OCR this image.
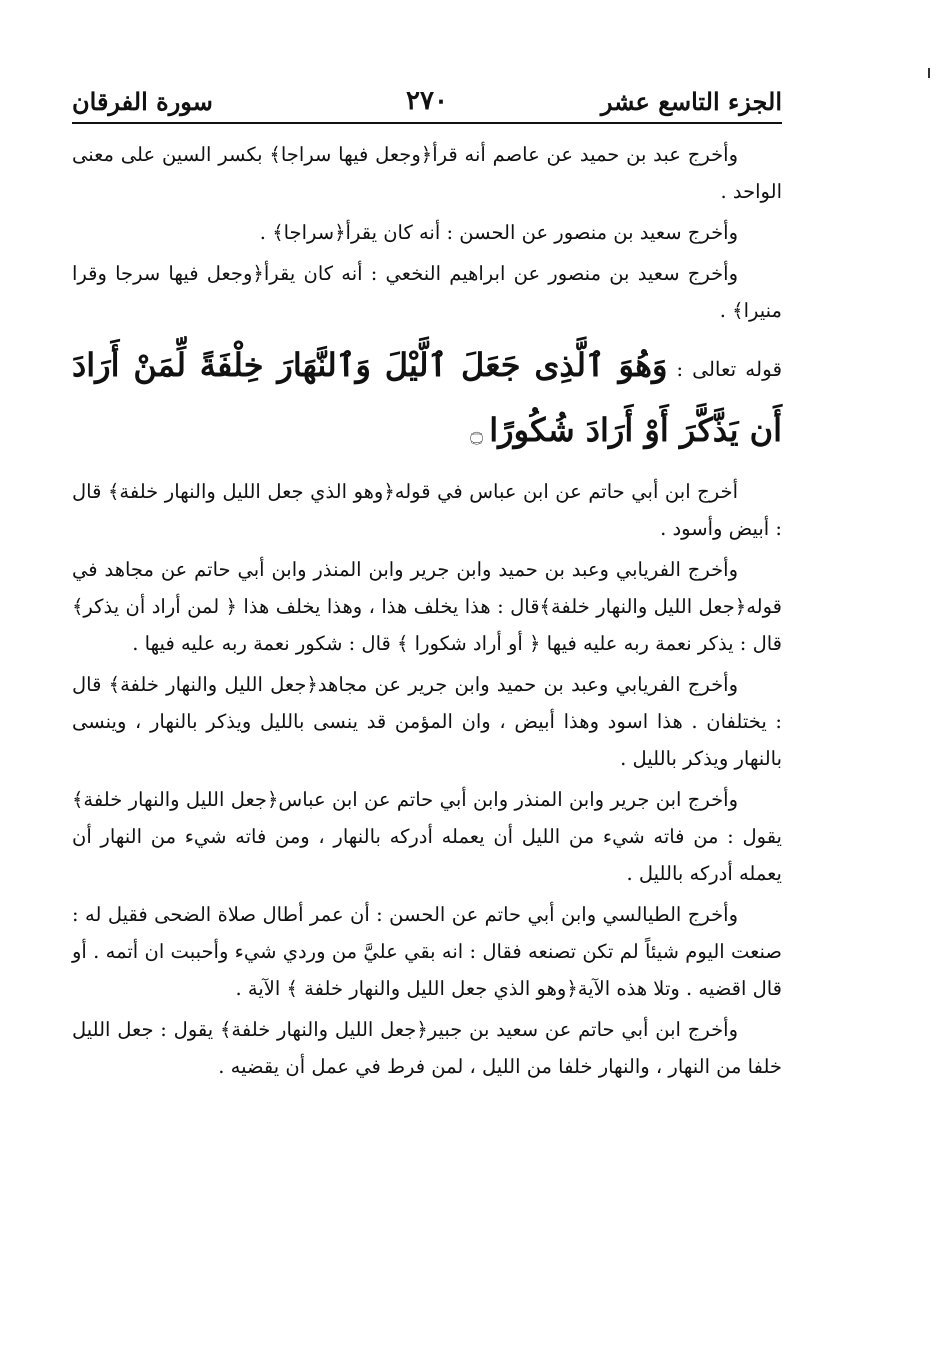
الجزء التاسع عشر
٢٧٠
سورة الفرقان

وأخرج عبد بن حميد عن عاصم أنه قرأ﴿وجعل فيها سراجا﴾ بكسر السين على معنى الواحد .

وأخرج سعيد بن منصور عن الحسن : أنه كان يقرأ﴿سراجا﴾ .

وأخرج سعيد بن منصور عن ابراهيم النخعي : أنه كان يقرأ﴿وجعل فيها سرجا وقرا منيرا﴾ .

قوله تعالى : وَهُوَ ٱلَّذِى جَعَلَ ٱلَّيْلَ وَٱلنَّهَارَ خِلْفَةً لِّمَنْ أَرَادَ أَن يَذَّكَّرَ أَوْ أَرَادَ شُكُورًا ۝

أخرج ابن أبي حاتم عن ابن عباس في قوله﴿وهو الذي جعل الليل والنهار خلفة﴾ قال : أبيض وأسود .

وأخرج الفريابي وعبد بن حميد وابن جرير وابن المنذر وابن أبي حاتم عن مجاهد في قوله﴿جعل الليل والنهار خلفة﴾قال : هذا يخلف هذا ، وهذا يخلف هذا ﴿ لمن أراد أن يذكر﴾ قال : يذكر نعمة ربه عليه فيها ﴿ أو أراد شكورا ﴾ قال : شكور نعمة ربه عليه فيها .

وأخرج الفريابي وعبد بن حميد وابن جرير عن مجاهد﴿جعل الليل والنهار خلفة﴾ قال : يختلفان . هذا اسود وهذا أبيض ، وان المؤمن قد ينسى بالليل ويذكر بالنهار ، وينسى بالنهار ويذكر بالليل .

وأخرج ابن جرير وابن المنذر وابن أبي حاتم عن ابن عباس﴿جعل الليل والنهار خلفة﴾ يقول : من فاته شيء من الليل أن يعمله أدركه بالنهار ، ومن فاته شيء من النهار أن يعمله أدركه بالليل .

وأخرج الطيالسي وابن أبي حاتم عن الحسن : أن عمر أطال صلاة الضحى فقيل له : صنعت اليوم شيئاً لم تكن تصنعه فقال : انه بقي عليَّ من وردي شيء وأحببت ان أتمه . أو قال اقضيه . وتلا هذه الآية﴿وهو الذي جعل الليل والنهار خلفة ﴾ الآية .

وأخرج ابن أبي حاتم عن سعيد بن جبير﴿جعل الليل والنهار خلفة﴾ يقول : جعل الليل خلفا من النهار ، والنهار خلفا من الليل ، لمن فرط في عمل أن يقضيه .
